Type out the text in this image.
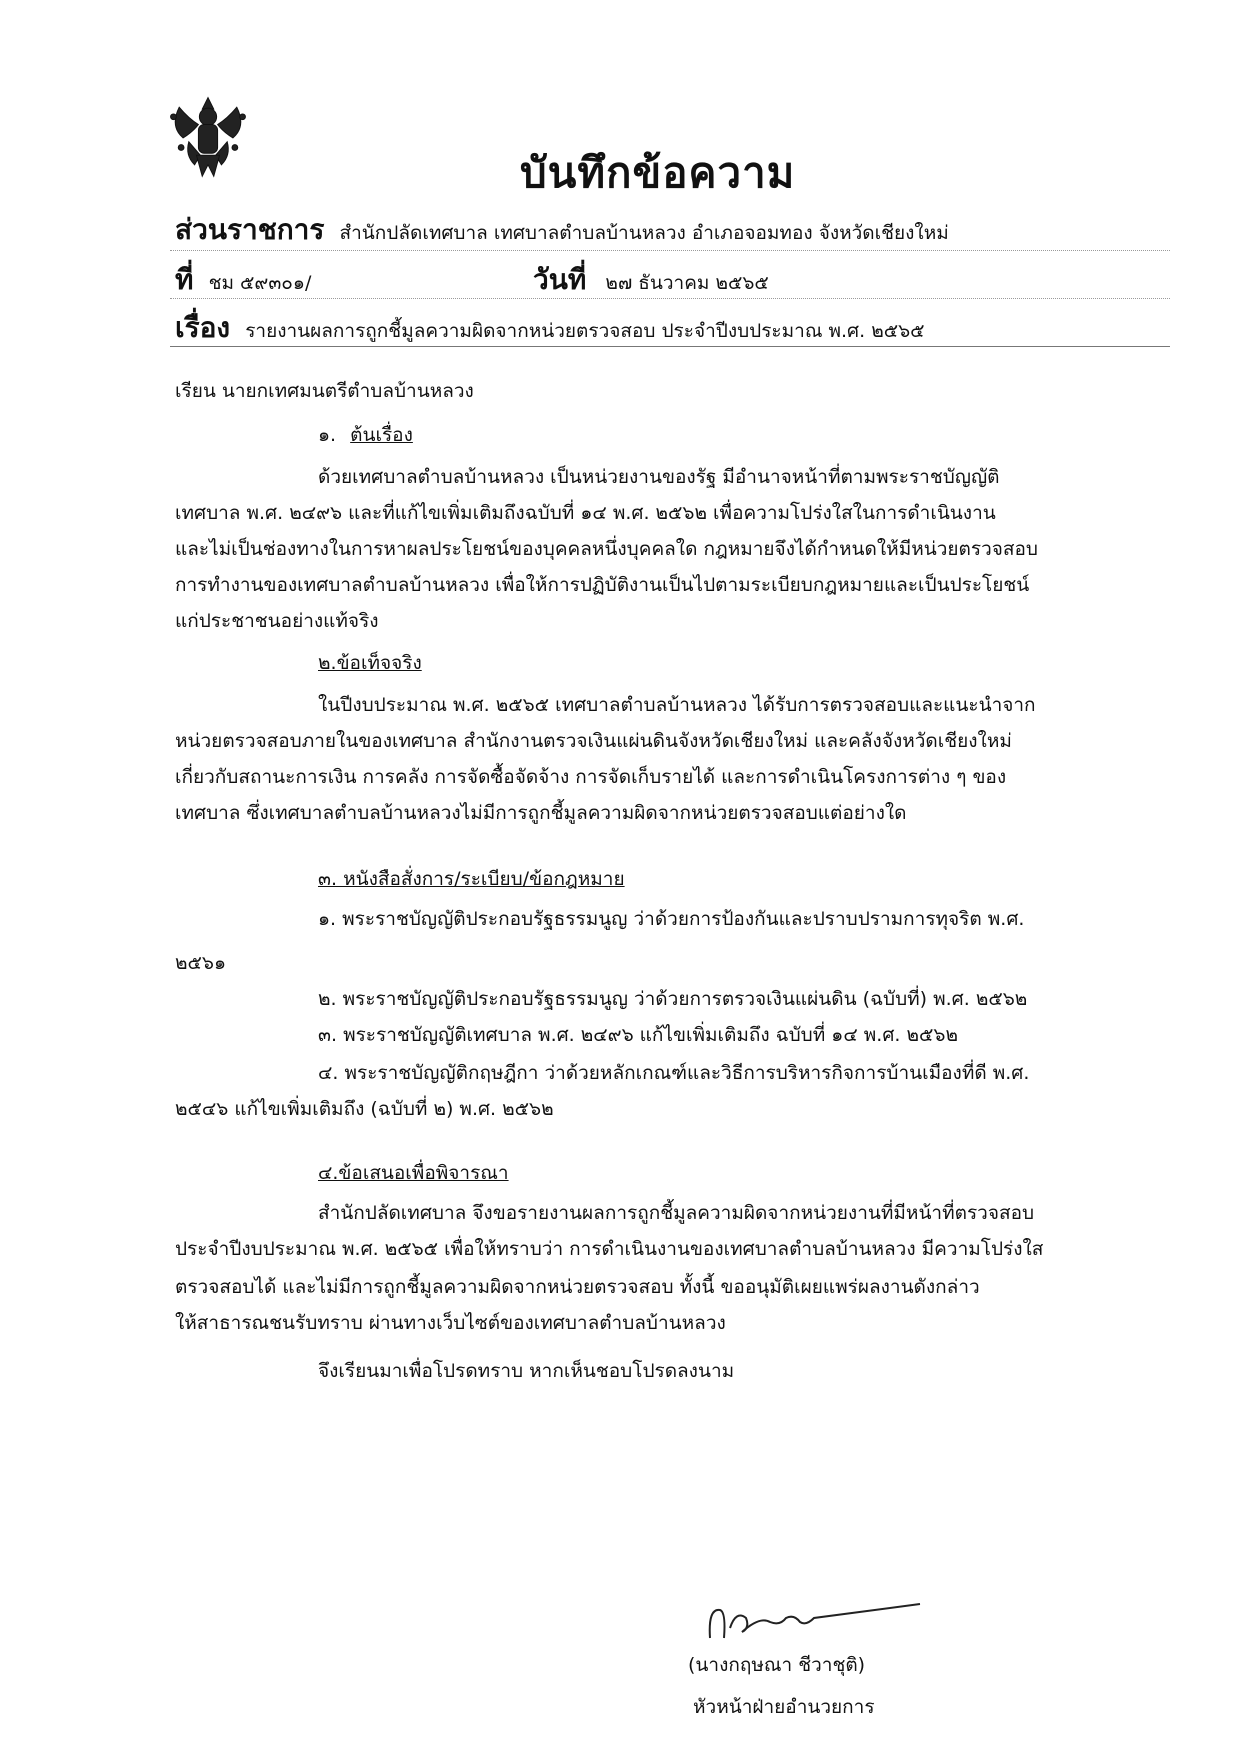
บันทึกข้อความ
ส่วนราชการ สำนักปลัดเทศบาล เทศบาลตำบลบ้านหลวง อำเภอจอมทอง จังหวัดเชียงใหม่
ที่ ชม ๕๙๓๐๑/	วันที่ ๒๗ ธันวาคม ๒๕๖๕
เรื่อง รายงานผลการถูกชี้มูลความผิดจากหน่วยตรวจสอบ ประจำปีงบประมาณ พ.ศ. ๒๕๖๕
เรียน นายกเทศมนตรีตำบลบ้านหลวง
๑. ต้นเรื่อง
ด้วยเทศบาลตำบลบ้านหลวง เป็นหน่วยงานของรัฐ มีอำนาจหน้าที่ตามพระราชบัญญัติ
เทศบาล พ.ศ. ๒๔๙๖ และที่แก้ไขเพิ่มเติมถึงฉบับที่ ๑๔ พ.ศ. ๒๕๖๒ เพื่อความโปร่งใสในการดำเนินงาน
และไม่เป็นช่องทางในการหาผลประโยชน์ของบุคคลหนึ่งบุคคลใด กฎหมายจึงได้กำหนดให้มีหน่วยตรวจสอบ
การทำงานของเทศบาลตำบลบ้านหลวง เพื่อให้การปฏิบัติงานเป็นไปตามระเบียบกฎหมายและเป็นประโยชน์
แก่ประชาชนอย่างแท้จริง
๒.ข้อเท็จจริง
ในปีงบประมาณ พ.ศ. ๒๕๖๕ เทศบาลตำบลบ้านหลวง ได้รับการตรวจสอบและแนะนำจาก
หน่วยตรวจสอบภายในของเทศบาล สำนักงานตรวจเงินแผ่นดินจังหวัดเชียงใหม่ และคลังจังหวัดเชียงใหม่
เกี่ยวกับสถานะการเงิน การคลัง การจัดซื้อจัดจ้าง การจัดเก็บรายได้ และการดำเนินโครงการต่าง ๆ ของ
เทศบาล ซึ่งเทศบาลตำบลบ้านหลวงไม่มีการถูกชี้มูลความผิดจากหน่วยตรวจสอบแต่อย่างใด
๓. หนังสือสั่งการ/ระเบียบ/ข้อกฎหมาย
๑. พระราชบัญญัติประกอบรัฐธรรมนูญ ว่าด้วยการป้องกันและปราบปรามการทุจริต พ.ศ.
๒๕๖๑
๒. พระราชบัญญัติประกอบรัฐธรรมนูญ ว่าด้วยการตรวจเงินแผ่นดิน (ฉบับที่) พ.ศ. ๒๕๖๒
๓. พระราชบัญญัติเทศบาล พ.ศ. ๒๔๙๖ แก้ไขเพิ่มเติมถึง ฉบับที่ ๑๔ พ.ศ. ๒๕๖๒
๔. พระราชบัญญัติกฤษฎีกา ว่าด้วยหลักเกณฑ์และวิธีการบริหารกิจการบ้านเมืองที่ดี พ.ศ.
๒๕๔๖ แก้ไขเพิ่มเติมถึง (ฉบับที่ ๒) พ.ศ. ๒๕๖๒
๔.ข้อเสนอเพื่อพิจารณา
สำนักปลัดเทศบาล จึงขอรายงานผลการถูกชี้มูลความผิดจากหน่วยงานที่มีหน้าที่ตรวจสอบ
ประจำปีงบประมาณ พ.ศ. ๒๕๖๕ เพื่อให้ทราบว่า การดำเนินงานของเทศบาลตำบลบ้านหลวง มีความโปร่งใส
ตรวจสอบได้ และไม่มีการถูกชี้มูลความผิดจากหน่วยตรวจสอบ ทั้งนี้ ขออนุมัติเผยแพร่ผลงานดังกล่าว
ให้สาธารณชนรับทราบ ผ่านทางเว็บไซต์ของเทศบาลตำบลบ้านหลวง
จึงเรียนมาเพื่อโปรดทราบ หากเห็นชอบโปรดลงนาม
(นางกฤษณา ชีวาชุติ)
หัวหน้าฝ่ายอำนวยการ
